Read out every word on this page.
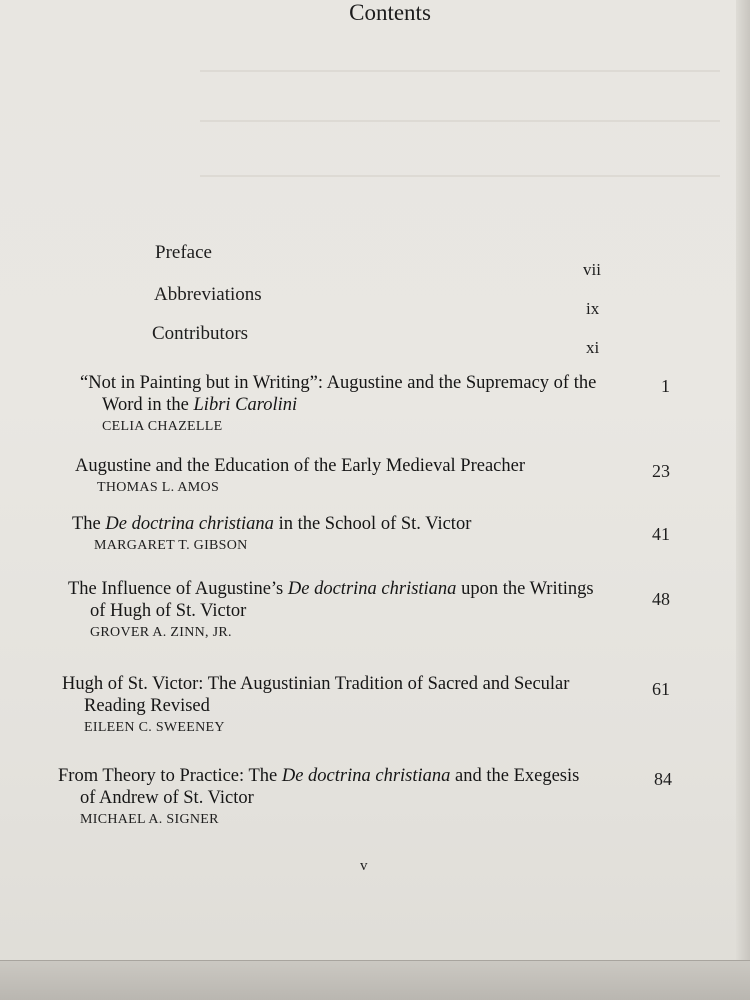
Contents
Preface
vii
Abbreviations
ix
Contributors
xi
“Not in Painting but in Writing”: Augustine and the Supremacy of the Word in the Libri Carolini
CELIA CHAZELLE
1
Augustine and the Education of the Early Medieval Preacher
THOMAS L. AMOS
23
The De doctrina christiana in the School of St. Victor
MARGARET T. GIBSON
41
The Influence of Augustine’s De doctrina christiana upon the Writings of Hugh of St. Victor
GROVER A. ZINN, JR.
48
Hugh of St. Victor: The Augustinian Tradition of Sacred and Secular Reading Revised
EILEEN C. SWEENEY
61
From Theory to Practice: The De doctrina christiana and the Exegesis of Andrew of St. Victor
MICHAEL A. SIGNER
84
v
